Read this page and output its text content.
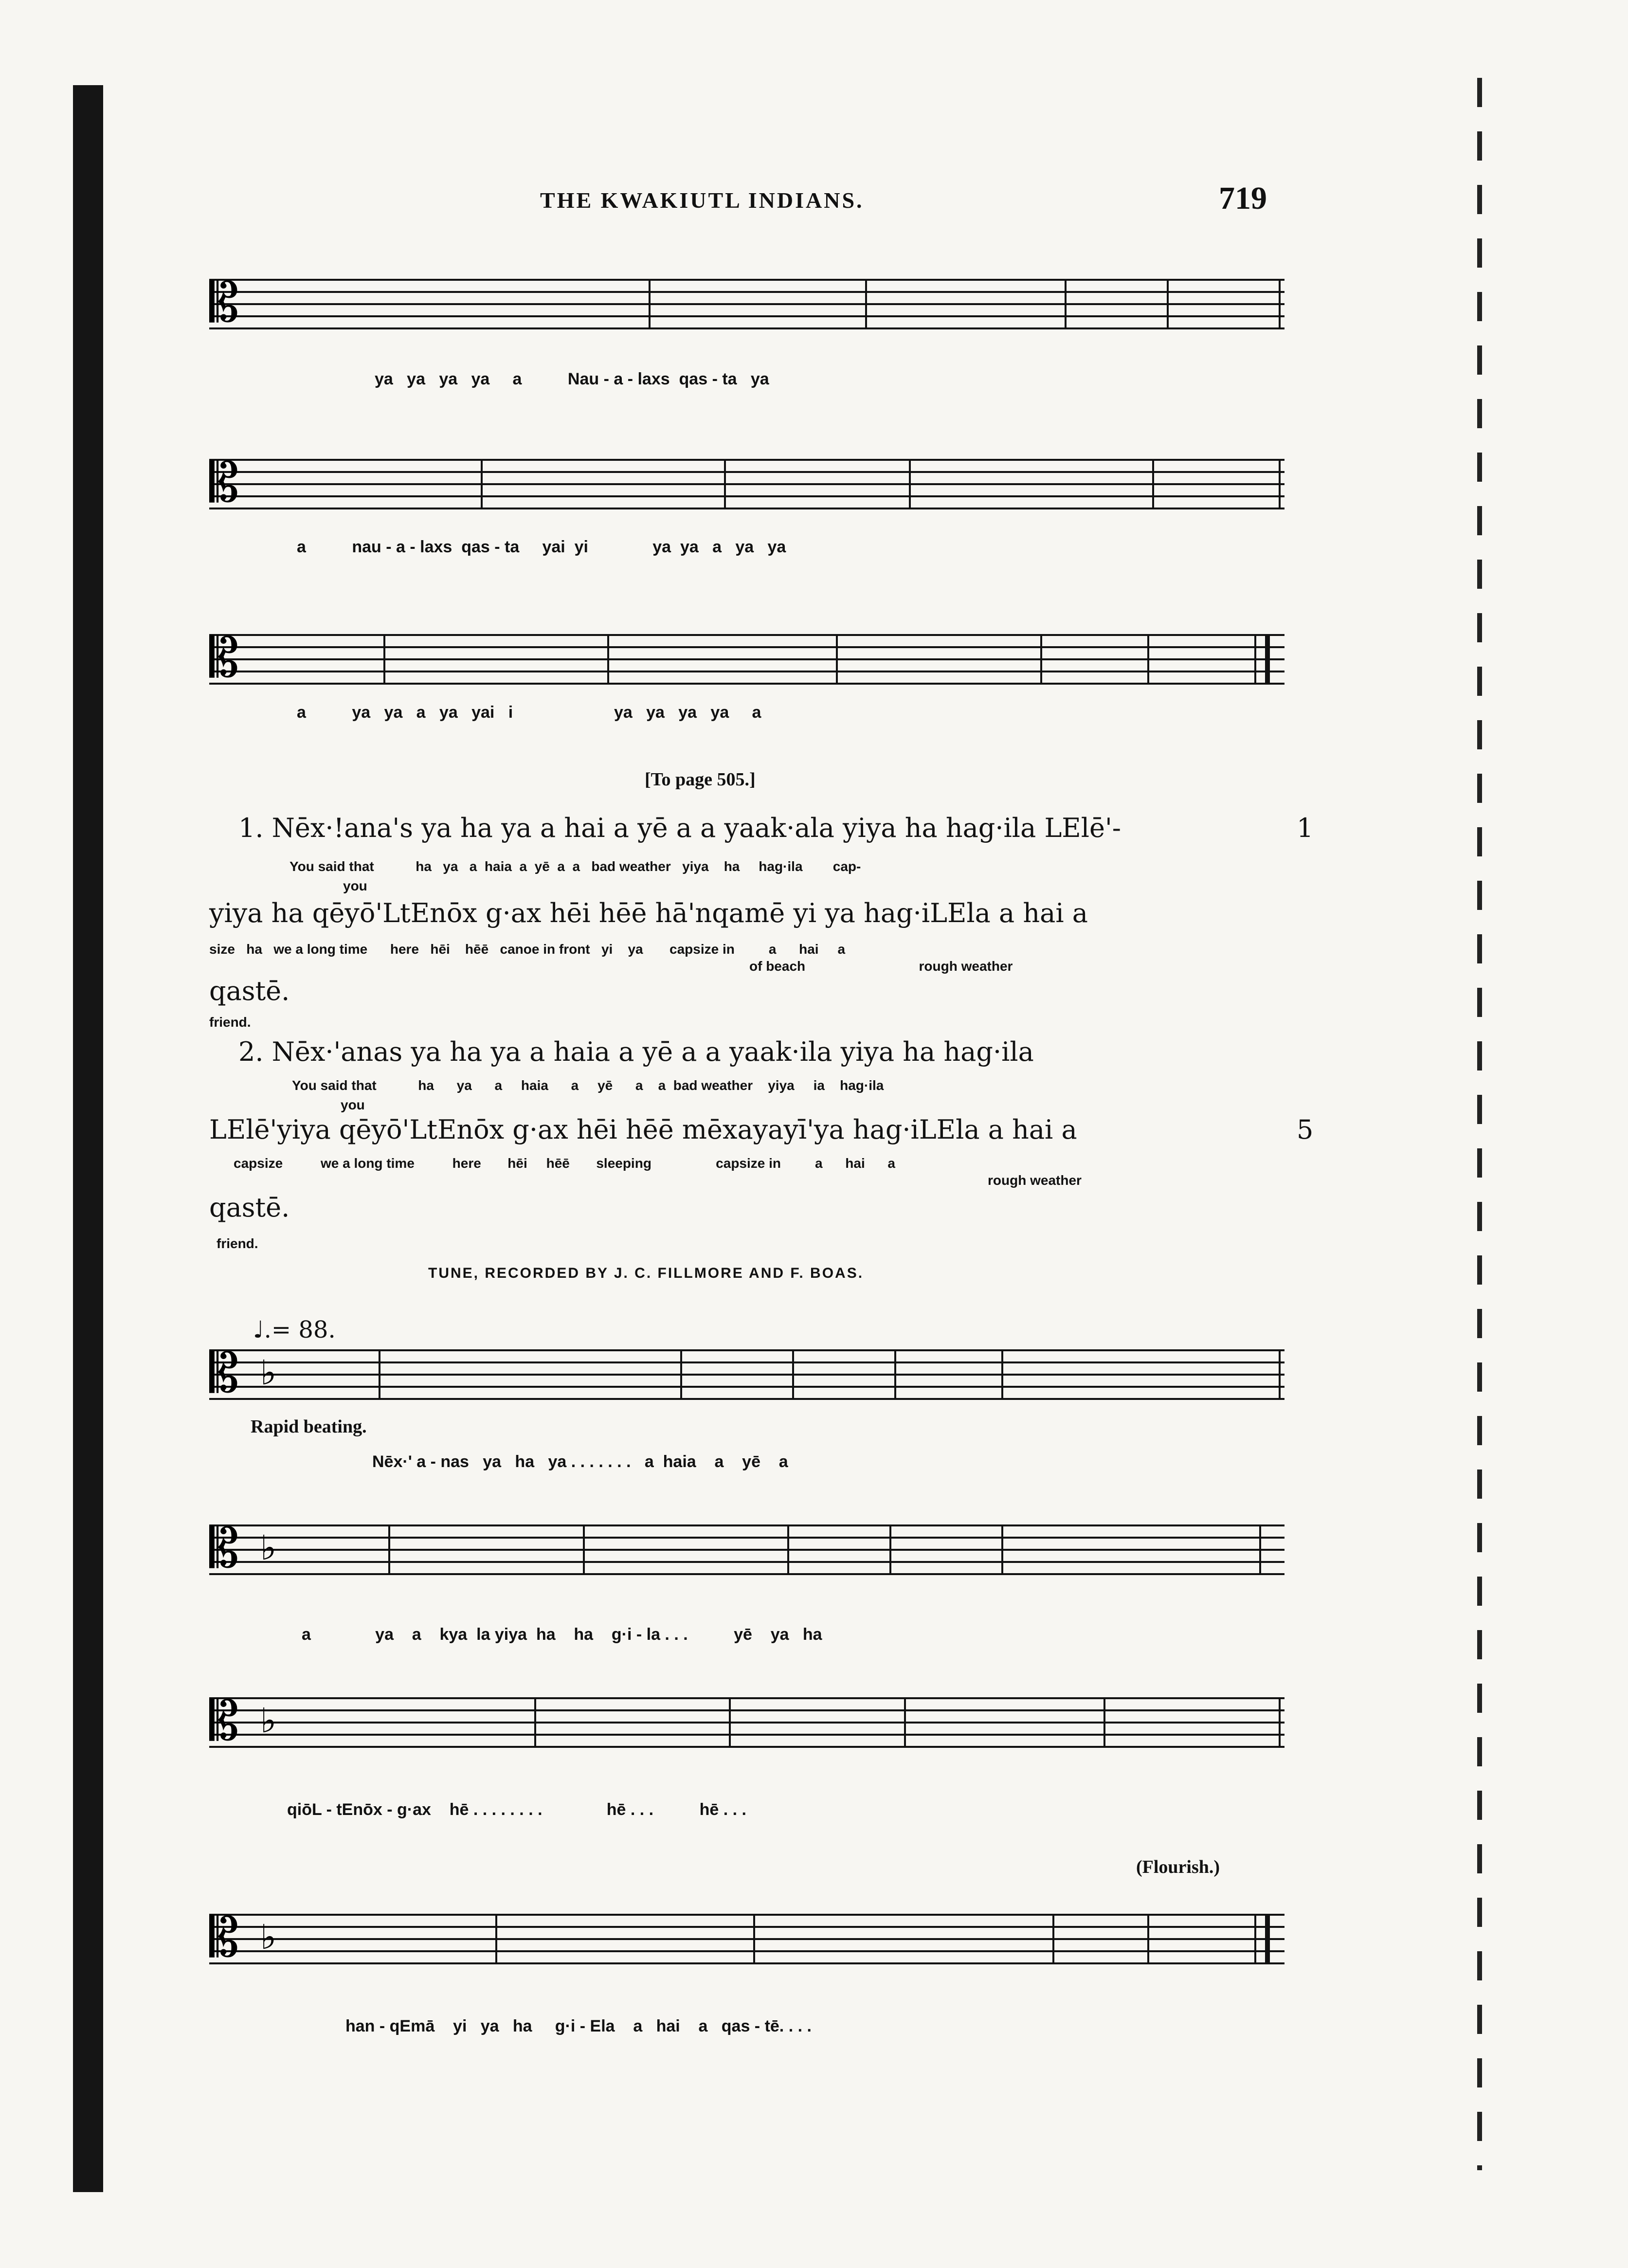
THE KWAKIUTL INDIANS.	719
𝄡
ya   ya   ya   ya     a          Nau - a - laxs  qas - ta   ya
𝄡
a          nau - a - laxs  qas - ta     yai  yi              ya  ya   a   ya   ya
𝄡
a          ya   ya   a   ya   yai   i                      ya   ya   ya   ya     a
[To page 505.]
1. Nēx·!ana's ya ha ya a hai a yē a a yaak·ala yiya ha hag·ila LElē'-	1
You said that           ha   ya   a  haia  a  yē  a  a   bad weather   yiya    ha     hag·ila        cap-
you
yiya ha qēyō'LtEnōx g·ax hēi hēē hā'nqamē yi ya hag·iLEla a hai a
size   ha   we a long time      here   hēi    hēē   canoe in front   yi    ya       capsize in         a      hai     a
of beach                              rough weather
qastē.
friend.
2. Nēx·'anas ya ha ya a haia a yē a a yaak·ila yiya ha hag·ila
You said that           ha      ya      a     haia      a     yē      a    a  bad weather    yiya     ia    hag·ila
you
LElē'yiya qēyō'LtEnōx g·ax hēi hēē mēxayayī'ya hag·iLEla a hai a	5
capsize          we a long time          here       hēi     hēē       sleeping                 capsize in         a      hai      a
rough weather
qastē.
friend.
TUNE, RECORDED BY J. C. FILLMORE AND F. BOAS.
♩.= 88.
𝄡 ♭
Rapid beating.
Nēx·' a - nas   ya   ha   ya . . . . . . .   a  haia    a    yē    a
𝄡 ♭
a              ya    a    kya  la yiya  ha    ha    g·i - la . . .          yē    ya   ha
𝄡 ♭
qiōL - tEnōx - g·ax    hē . . . . . . . .              hē . . .          hē . . .
(Flourish.)
𝄡 ♭
han - qEmā    yi   ya   ha     g·i - Ela    a   hai    a   qas - tē. . . .
